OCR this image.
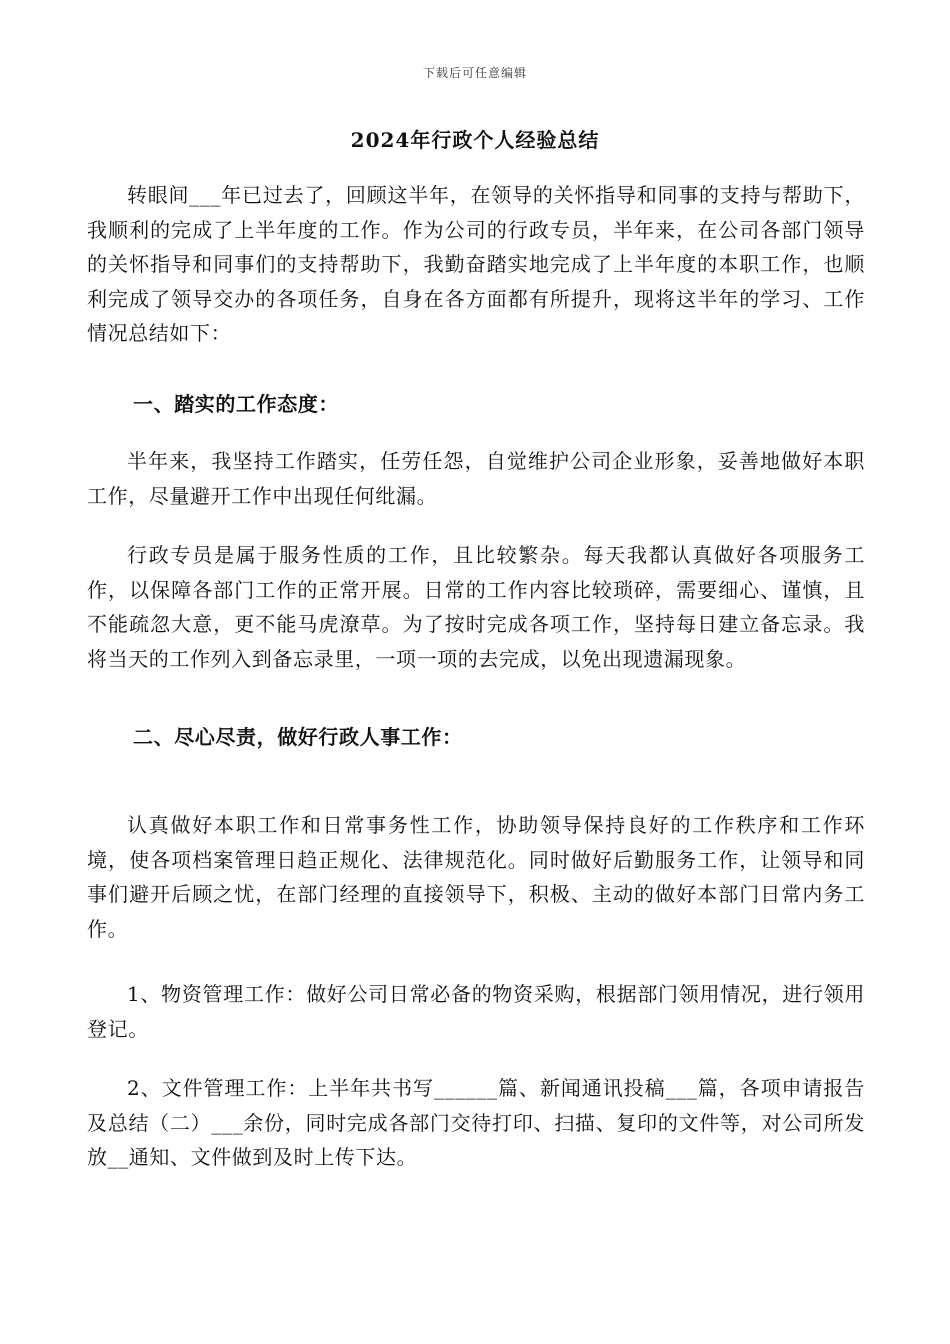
下载后可任意编辑
2024年行政个人经验总结

转眼间___年已过去了，回顾这半年，在领导的关怀指导和同事的支持与帮助下，我顺利的完成了上半年度的工作。作为公司的行政专员，半年来，在公司各部门领导的关怀指导和同事们的支持帮助下，我勤奋踏实地完成了上半年度的本职工作，也顺利完成了领导交办的各项任务，自身在各方面都有所提升，现将这半年的学习、工作情况总结如下：

一、踏实的工作态度：

半年来，我坚持工作踏实，任劳任怨，自觉维护公司企业形象，妥善地做好本职工作，尽量避开工作中出现任何纰漏。

行政专员是属于服务性质的工作，且比较繁杂。每天我都认真做好各项服务工作，以保障各部门工作的正常开展。日常的工作内容比较琐碎，需要细心、谨慎，且不能疏忽大意，更不能马虎潦草。为了按时完成各项工作，坚持每日建立备忘录。我将当天的工作列入到备忘录里，一项一项的去完成，以免出现遗漏现象。

二、尽心尽责，做好行政人事工作：

认真做好本职工作和日常事务性工作，协助领导保持良好的工作秩序和工作环境，使各项档案管理日趋正规化、法律规范化。同时做好后勤服务工作，让领导和同事们避开后顾之忧，在部门经理的直接领导下，积极、主动的做好本部门日常内务工作。

1、物资管理工作：做好公司日常必备的物资采购，根据部门领用情况，进行领用登记。

2、文件管理工作：上半年共书写______篇、新闻通讯投稿___篇，各项申请报告及总结（二）___余份，同时完成各部门交待打印、扫描、复印的文件等，对公司所发放__通知、文件做到及时上传下达。
